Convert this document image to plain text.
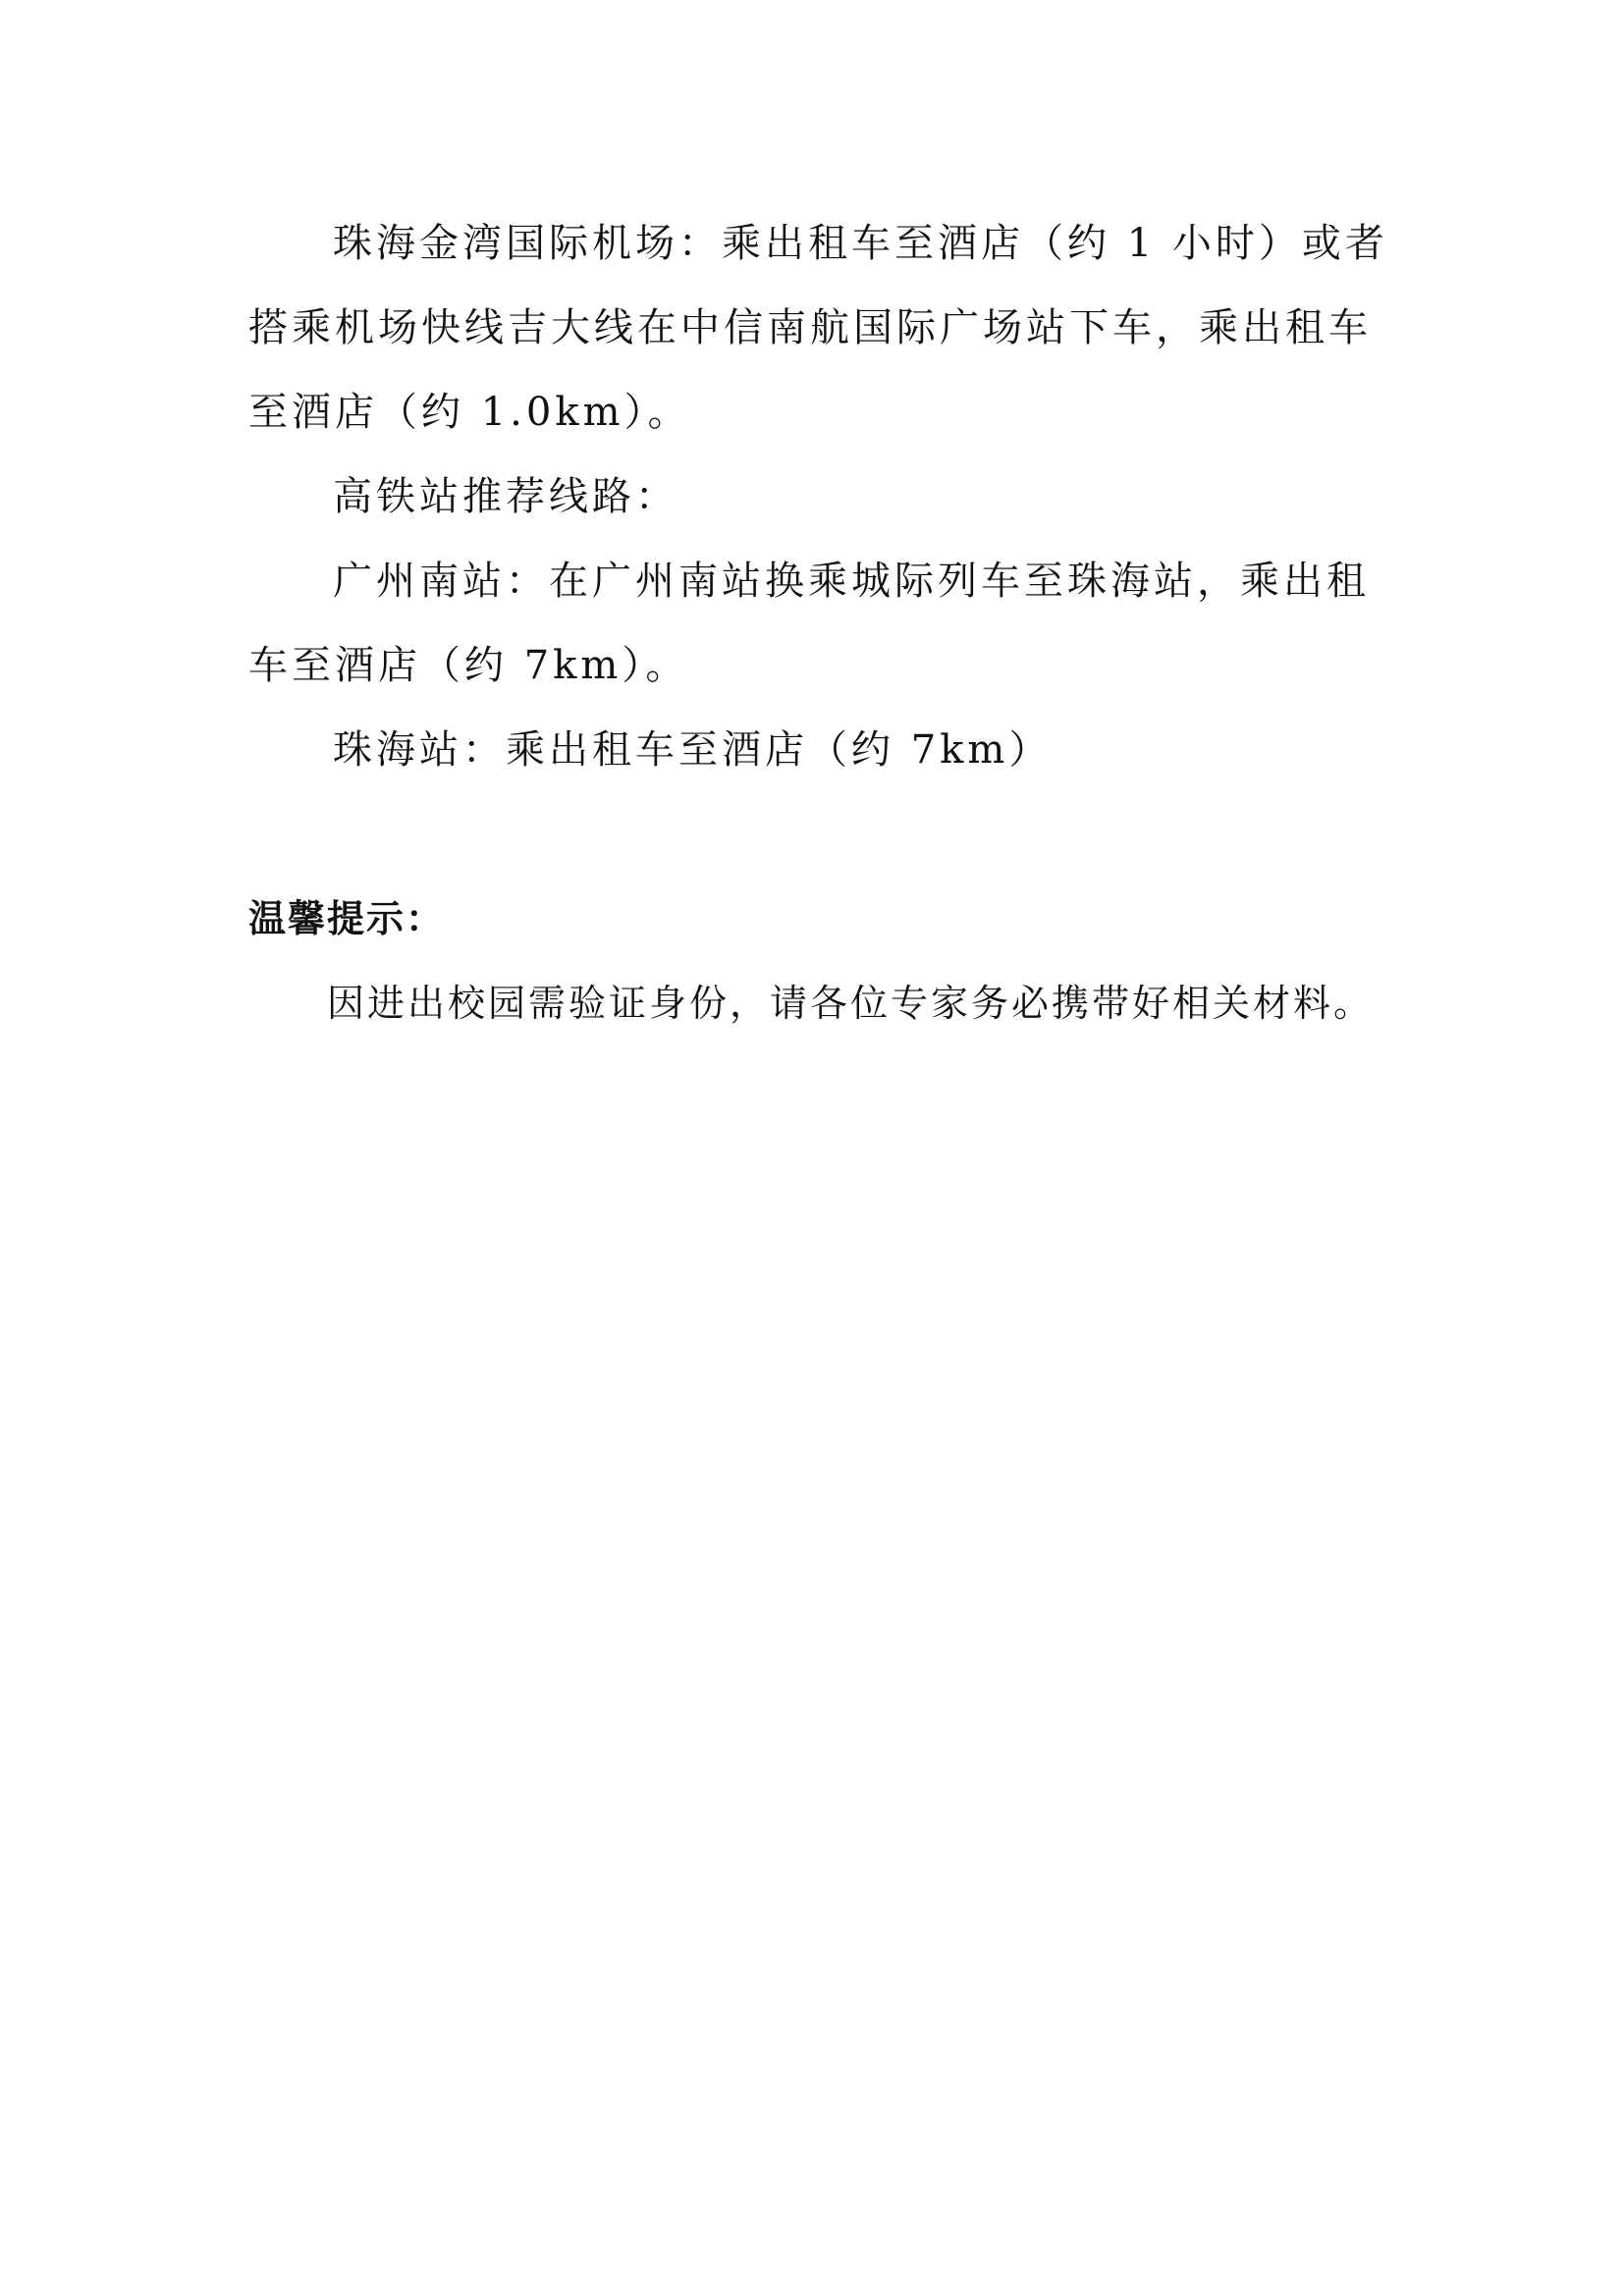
珠海金湾国际机场：乘出租车至酒店（约 1 小时）或者

搭乘机场快线吉大线在中信南航国际广场站下车，乘出租车

至酒店（约 1.0km）。

高铁站推荐线路：

广州南站：在广州南站换乘城际列车至珠海站，乘出租

车至酒店（约 7km）。

珠海站：乘出租车至酒店（约 7km）

温馨提示：

因进出校园需验证身份，请各位专家务必携带好相关材料。
